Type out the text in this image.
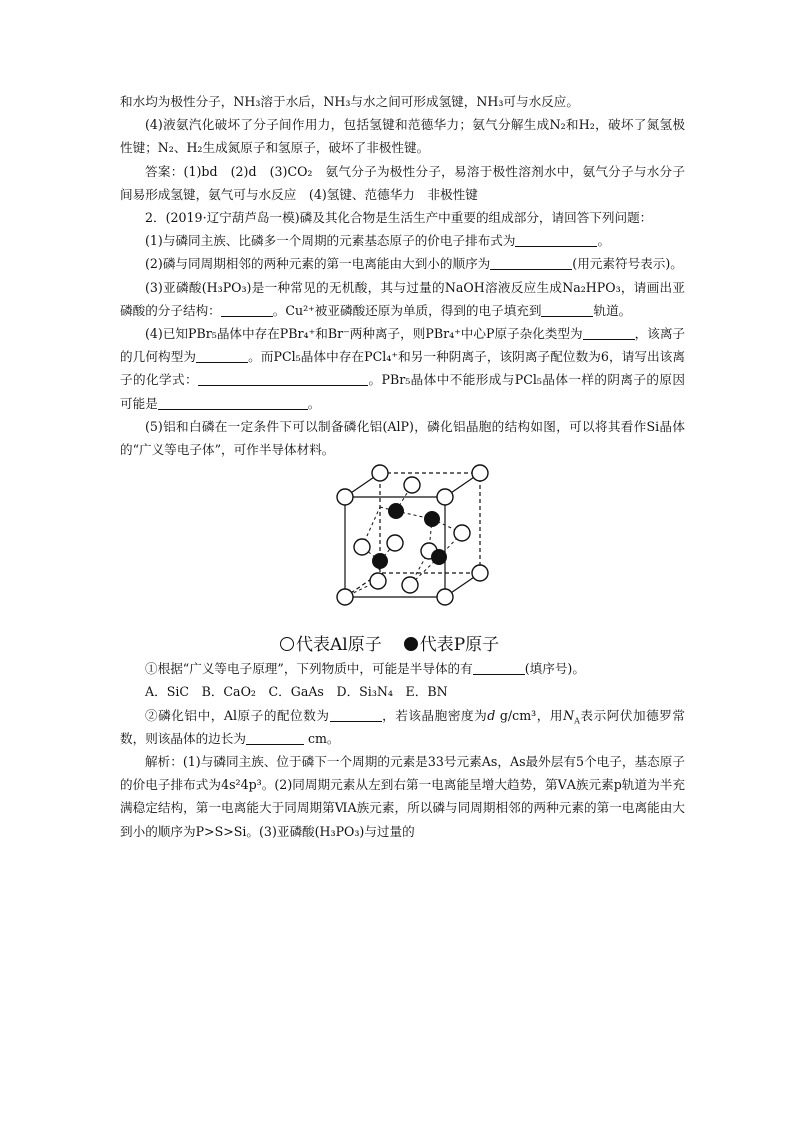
和水均为极性分子，NH₃溶于水后，NH₃与水之间可形成氢键，NH₃可与水反应。

(4)液氨汽化破坏了分子间作用力，包括氢键和范德华力；氨气分解生成N₂和H₂，破坏了氮氢极性键；N₂、H₂生成氮原子和氢原子，破坏了非极性键。

答案：(1)bd　(2)d　(3)CO₂　氨气分子为极性分子，易溶于极性溶剂水中，氨气分子与水分子间易形成氢键，氨气可与水反应　(4)氢键、范德华力　非极性键

2．(2019·辽宁葫芦岛一模)磷及其化合物是生活生产中重要的组成部分，请回答下列问题：

(1)与磷同主族、比磷多一个周期的元素基态原子的价电子排布式为	。

(2)磷与同周期相邻的两种元素的第一电离能由大到小的顺序为	(用元素符号表示)。

(3)亚磷酸(H₃PO₃)是一种常见的无机酸，其与过量的NaOH溶液反应生成Na₂HPO₃，请画出亚磷酸的分子结构：	。Cu²⁺被亚磷酸还原为单质，得到的电子填充到	轨道。

(4)已知PBr₅晶体中存在PBr₄⁺和Br⁻两种离子，则PBr₄⁺中心P原子杂化类型为	，该离子的几何构型为	。而PCl₅晶体中存在PCl₄⁺和另一种阴离子，该阴离子配位数为6，请写出该离子的化学式：	。PBr₅晶体中不能形成与PCl₅晶体一样的阴离子的原因可能是	。

(5)铝和白磷在一定条件下可以制备磷化铝(AlP)，磷化铝晶胞的结构如图，可以将其看作Si晶体的“广义等电子体”，可作半导体材料。

代表Al原子 代表P原子

①根据“广义等电子原理”，下列物质中，可能是半导体的有	(填序号)。

A．SiC　B．CaO₂　C．GaAs　D．Si₃N₄　E．BN

②磷化铝中，Al原子的配位数为	，若该晶胞密度为d g/cm³，用$N_A$表示阿伏加德罗常数，则该晶体的边长为	cm。

解析：(1)与磷同主族、位于磷下一个周期的元素是33号元素As，As最外层有5个电子，基态原子的价电子排布式为4s²4p³。(2)同周期元素从左到右第一电离能呈增大趋势，第ⅤA族元素p轨道为半充满稳定结构，第一电离能大于同周期第ⅥA族元素，所以磷与同周期相邻的两种元素的第一电离能由大到小的顺序为P>S>Si。(3)亚磷酸(H₃PO₃)与过量的
